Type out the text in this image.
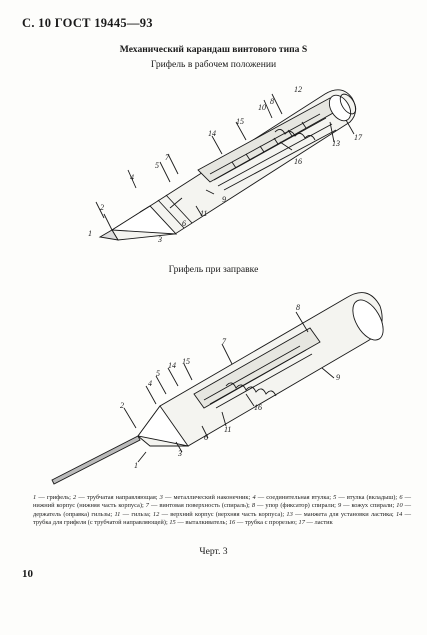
С. 10 ГОСТ 19445—93
Механический карандаш винтового типа S
Грифель в рабочем положении
1
2
3
4
5
6
7
8
9
10
11
12
13
14
15
16
17
Грифель при заправке
1
2
3
4
5
6
7
8
9
11
14 15
16
1 — грифель; 2 — трубчатая направляющая; 3 — металлический наконечник; 4 — соединительная втулка; 5 — втулка (вкладыш); 6 — нижний корпус (нижняя часть корпуса); 7 — винтовая поверхность (спираль); 8 — упор (фиксатор) спирали; 9 — кожух спирали; 10 — держатель (оправка) гильзы; 11 — гильза; 12 — верхний корпус (верхняя часть корпуса); 13 — манжета для установки ластика; 14 — трубка для грифеля (с трубчатой направляющей); 15 — выталкиватель; 16 — трубка с прорезью; 17 — ластик
Черт. 3
10
